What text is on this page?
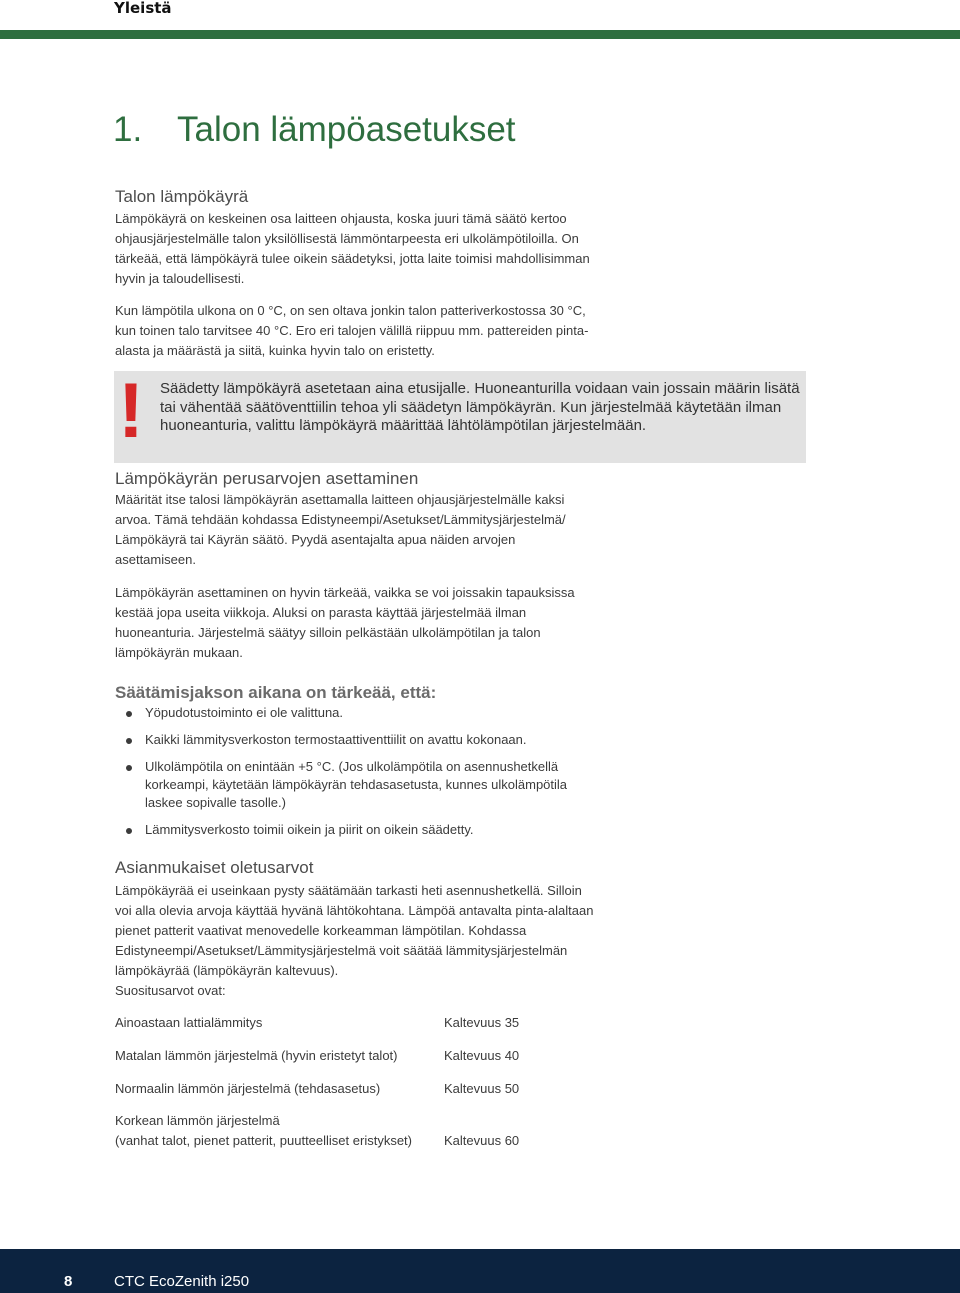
Yleistä
1. Talon lämpöasetukset
Talon lämpökäyrä

Lämpökäyrä on keskeinen osa laitteen ohjausta, koska juuri tämä säätö kertoo ohjausjärjestelmälle talon yksilöllisestä lämmöntarpeesta eri ulkolämpötiloilla. On tärkeää, että lämpökäyrä tulee oikein säädetyksi, jotta laite toimisi mahdollisimman hyvin ja taloudellisesti.

Kun lämpötila ulkona on 0 °C, on sen oltava jonkin talon patteriverkostossa 30 °C, kun toinen talo tarvitsee 40 °C. Ero eri talojen välillä riippuu mm. pattereiden pinta-alasta ja määrästä ja siitä, kuinka hyvin talo on eristetty.

! Säädetty lämpökäyrä asetetaan aina etusijalle. Huoneanturilla voidaan vain jossain määrin lisätä tai vähentää säätöventtiilin tehoa yli säädetyn lämpökäyrän. Kun järjestelmää käytetään ilman huoneanturia, valittu lämpökäyrä määrittää lähtölämpötilan järjestelmään.

Lämpökäyrän perusarvojen asettaminen

Määrität itse talosi lämpökäyrän asettamalla laitteen ohjausjärjestelmälle kaksi arvoa. Tämä tehdään kohdassa Edistyneempi/Asetukset/Lämmitysjärjestelmä/ Lämpökäyrä tai Käyrän säätö. Pyydä asentajalta apua näiden arvojen asettamiseen.

Lämpökäyrän asettaminen on hyvin tärkeää, vaikka se voi joissakin tapauksissa kestää jopa useita viikkoja. Aluksi on parasta käyttää järjestelmää ilman huoneanturia. Järjestelmä säätyy silloin pelkästään ulkolämpötilan ja talon lämpökäyrän mukaan.

Säätämisjakson aikana on tärkeää, että:
Yöpudotustoiminto ei ole valittuna.
Kaikki lämmitysverkoston termostaattiventtiilit on avattu kokonaan.
Ulkolämpötila on enintään +5 °C. (Jos ulkolämpötila on asennushetkellä korkeampi, käytetään lämpökäyrän tehdasasetusta, kunnes ulkolämpötila laskee sopivalle tasolle.)
Lämmitysverkosto toimii oikein ja piirit on oikein säädetty.
Asianmukaiset oletusarvot

Lämpökäyrää ei useinkaan pysty säätämään tarkasti heti asennushetkellä. Silloin voi alla olevia arvoja käyttää hyvänä lähtökohtana. Lämpöä antavalta pinta-alaltaan pienet patterit vaativat menovedelle korkeamman lämpötilan. Kohdassa Edistyneempi/Asetukset/Lämmitysjärjestelmä voit säätää lämmitysjärjestelmän lämpökäyrää (lämpökäyrän kaltevuus).

Suositusarvot ovat:

Ainoastaan lattialämmitys	Kaltevuus 35
Matalan lämmön järjestelmä (hyvin eristetyt talot)	Kaltevuus 40
Normaalin lämmön järjestelmä (tehdasasetus)	Kaltevuus 50
Korkean lämmön järjestelmä
(vanhat talot, pienet patterit, puutteelliset eristykset) Kaltevuus 60
8	CTC EcoZenith i250
